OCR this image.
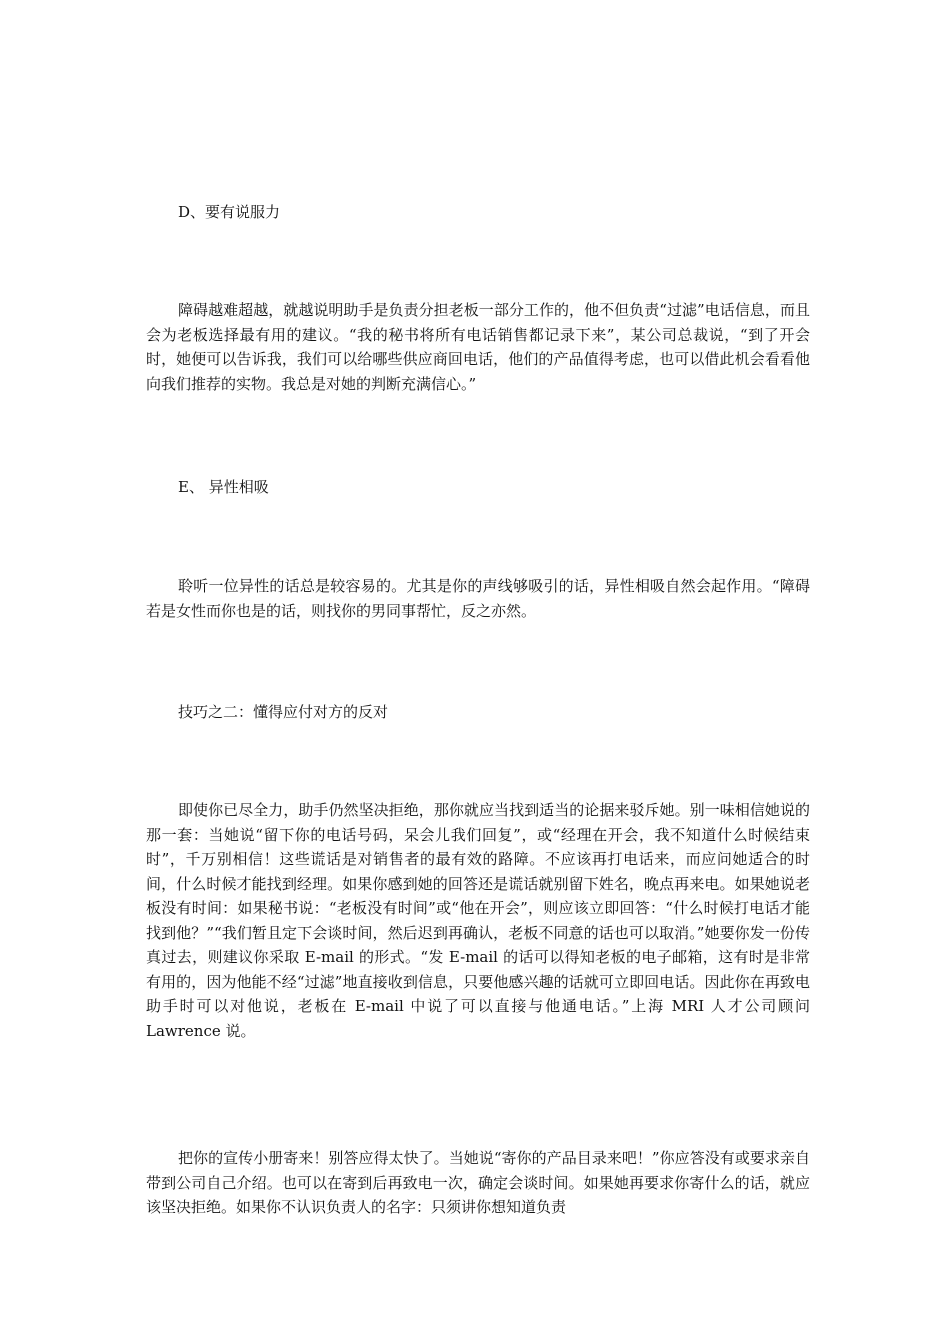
D、要有说服力

障碍越难超越，就越说明助手是负责分担老板一部分工作的，他不但负责“过滤”电话信息，而且会为老板选择最有用的建议。“我的秘书将所有电话销售都记录下来”，某公司总裁说，“到了开会时，她便可以告诉我，我们可以给哪些供应商回电话，他们的产品值得考虑，也可以借此机会看看他向我们推荐的实物。我总是对她的判断充满信心。”

E、 异性相吸

聆听一位异性的话总是较容易的。尤其是你的声线够吸引的话，异性相吸自然会起作用。“障碍若是女性而你也是的话，则找你的男同事帮忙，反之亦然。

技巧之二：懂得应付对方的反对

即使你已尽全力，助手仍然坚决拒绝，那你就应当找到适当的论据来驳斥她。别一味相信她说的那一套：当她说“留下你的电话号码，呆会儿我们回复”，或“经理在开会，我不知道什么时候结束时”，千万别相信！这些谎话是对销售者的最有效的路障。不应该再打电话来，而应问她适合的时间，什么时候才能找到经理。如果你感到她的回答还是谎话就别留下姓名，晚点再来电。如果她说老板没有时间：如果秘书说：“老板没有时间”或“他在开会”，则应该立即回答：“什么时候打电话才能找到他？”“我们暂且定下会谈时间，然后迟到再确认，老板不同意的话也可以取消。”她要你发一份传真过去，则建议你采取 E-mail 的形式。“发 E-mail 的话可以得知老板的电子邮箱，这有时是非常有用的，因为他能不经“过滤”地直接收到信息，只要他感兴趣的话就可立即回电话。因此你在再致电助手时可以对他说，老板在 E-mail 中说了可以直接与他通电话。”上海 MRI 人才公司顾问 Lawrence 说。

把你的宣传小册寄来！别答应得太快了。当她说“寄你的产品目录来吧！”你应答没有或要求亲自带到公司自己介绍。也可以在寄到后再致电一次，确定会谈时间。如果她再要求你寄什么的话，就应该坚决拒绝。如果你不认识负责人的名字：只须讲你想知道负责
